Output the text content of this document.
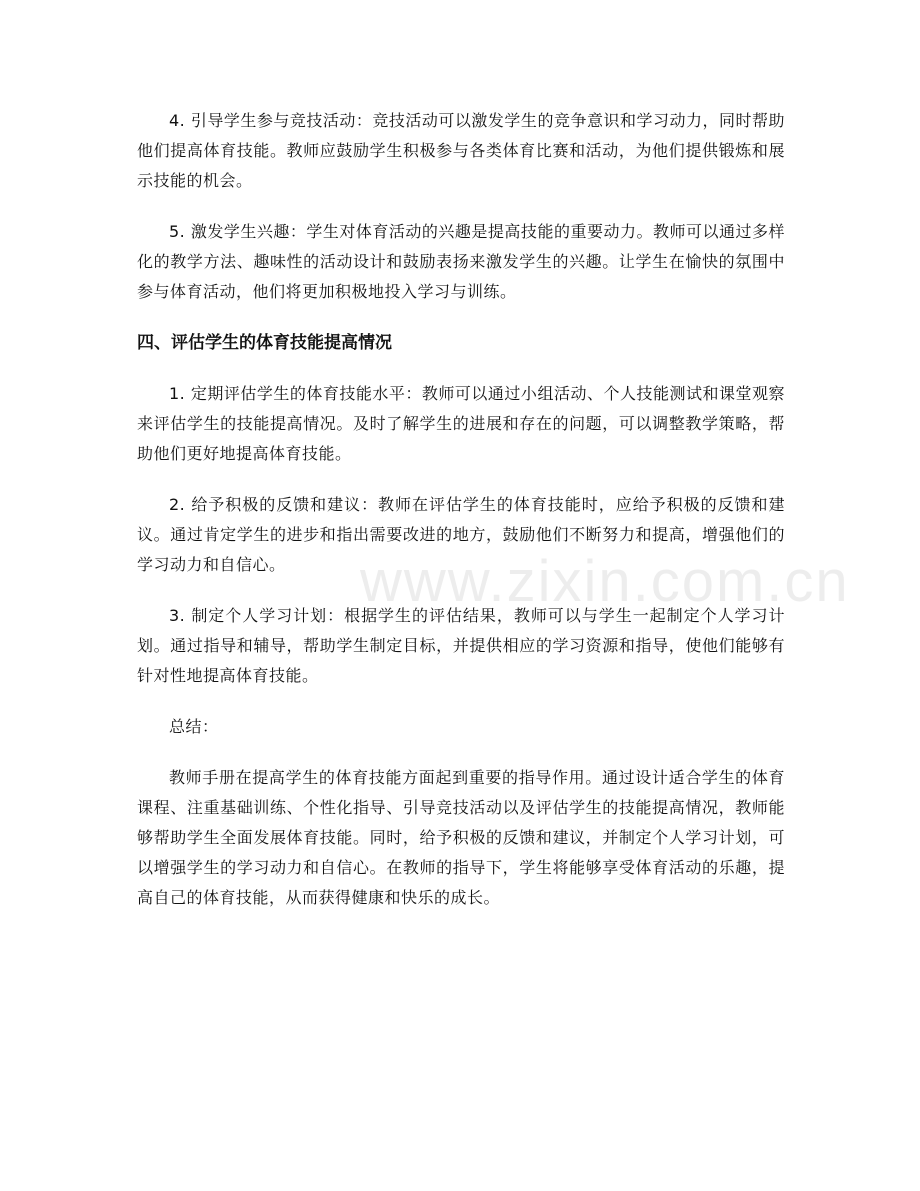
4. 引导学生参与竞技活动：竞技活动可以激发学生的竞争意识和学习动力，同时帮助他们提高体育技能。教师应鼓励学生积极参与各类体育比赛和活动，为他们提供锻炼和展示技能的机会。

5. 激发学生兴趣：学生对体育活动的兴趣是提高技能的重要动力。教师可以通过多样化的教学方法、趣味性的活动设计和鼓励表扬来激发学生的兴趣。让学生在愉快的氛围中参与体育活动，他们将更加积极地投入学习与训练。

四、评估学生的体育技能提高情况

1. 定期评估学生的体育技能水平：教师可以通过小组活动、个人技能测试和课堂观察来评估学生的技能提高情况。及时了解学生的进展和存在的问题，可以调整教学策略，帮助他们更好地提高体育技能。

2. 给予积极的反馈和建议：教师在评估学生的体育技能时，应给予积极的反馈和建议。通过肯定学生的进步和指出需要改进的地方，鼓励他们不断努力和提高，增强他们的学习动力和自信心。

3. 制定个人学习计划：根据学生的评估结果，教师可以与学生一起制定个人学习计划。通过指导和辅导，帮助学生制定目标，并提供相应的学习资源和指导，使他们能够有针对性地提高体育技能。

总结：

教师手册在提高学生的体育技能方面起到重要的指导作用。通过设计适合学生的体育课程、注重基础训练、个性化指导、引导竞技活动以及评估学生的技能提高情况，教师能够帮助学生全面发展体育技能。同时，给予积极的反馈和建议，并制定个人学习计划，可以增强学生的学习动力和自信心。在教师的指导下，学生将能够享受体育活动的乐趣，提高自己的体育技能，从而获得健康和快乐的成长。

www.zixin.com.cn
